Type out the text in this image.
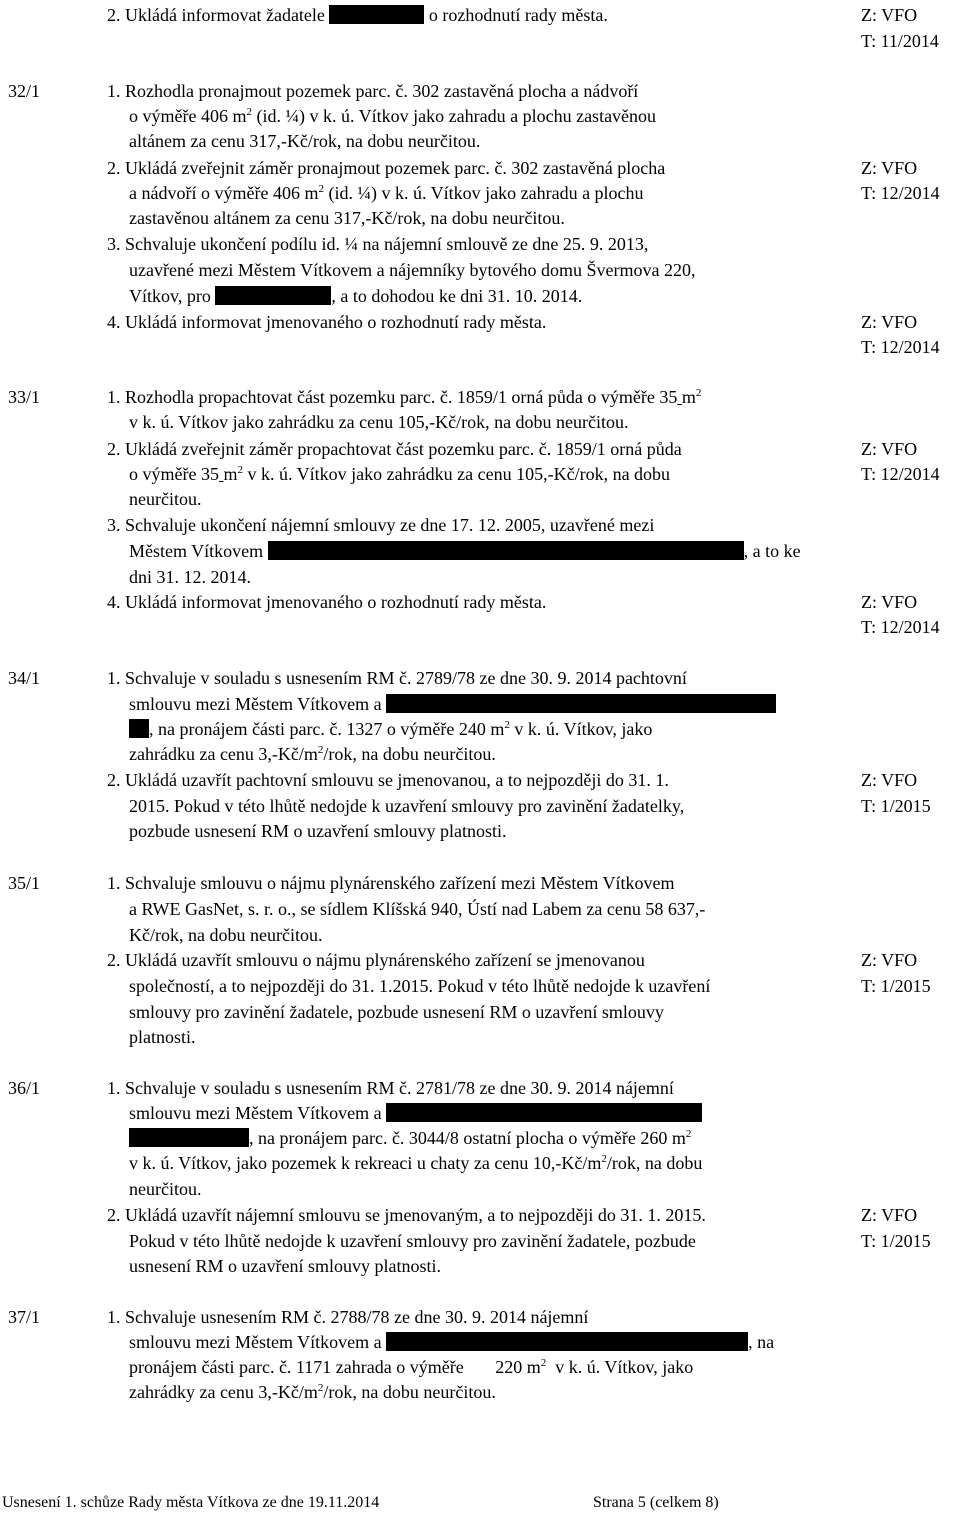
2. Ukládá informovat žadatele	o rozhodnutí rady města.	Z: VFO
T: 11/2014
32/1	1. Rozhodla pronajmout pozemek parc. č. 302 zastavěná plocha a nádvoří
o výměře 406 $m^2$ (id. ¼) v k. ú. Vítkov jako zahradu a plochu zastavěnou
altánem za cenu 317,-Kč/rok, na dobu neurčitou.
2. Ukládá zveřejnit záměr pronajmout pozemek parc. č. 302 zastavěná plocha	Z: VFO
a nádvoří o výměře 406 $m^2$ (id. ¼) v k. ú. Vítkov jako zahradu a plochu	T: 12/2014
zastavěnou altánem za cenu 317,-Kč/rok, na dobu neurčitou.
3. Schvaluje ukončení podílu id. ¼ na nájemní smlouvě ze dne 25. 9. 2013,
uzavřené mezi Městem Vítkovem a nájemníky bytového domu Švermova 220,
Vítkov, pro	, a to dohodou ke dni 31. 10. 2014.
4. Ukládá informovat jmenovaného o rozhodnutí rady města.	Z: VFO
T: 12/2014
33/1	1. Rozhodla propachtovat část pozemku parc. č. 1859/1 orná půda o výměře 35 $m^2$
v k. ú. Vítkov jako zahrádku za cenu 105,-Kč/rok, na dobu neurčitou.
2. Ukládá zveřejnit záměr propachtovat část pozemku parc. č. 1859/1 orná půda	Z: VFO
o výměře 35 $m^2$ v k. ú. Vítkov jako zahrádku za cenu 105,-Kč/rok, na dobu	T: 12/2014
neurčitou.
3. Schvaluje ukončení nájemní smlouvy ze dne 17. 12. 2005, uzavřené mezi
Městem Vítkovem	, a to ke
dni 31. 12. 2014.
4. Ukládá informovat jmenovaného o rozhodnutí rady města.	Z: VFO
T: 12/2014
34/1	1. Schvaluje v souladu s usnesením RM č. 2789/78 ze dne 30. 9. 2014 pachtovní
smlouvu mezi Městem Vítkovem a
, na pronájem části parc. č. 1327 o výměře 240 $m^2$ v k. ú. Vítkov, jako
zahrádku za cenu $3,-Kč/m^2$/rok, na dobu neurčitou.
2. Ukládá uzavřít pachtovní smlouvu se jmenovanou, a to nejpozději do 31. 1.	Z: VFO
2015. Pokud v této lhůtě nedojde k uzavření smlouvy pro zavinění žadatelky,	T: 1/2015
pozbude usnesení RM o uzavření smlouvy platnosti.
35/1	1. Schvaluje smlouvu o nájmu plynárenského zařízení mezi Městem Vítkovem
a RWE GasNet, s. r. o., se sídlem Klíšská 940, Ústí nad Labem za cenu 58 637,-
Kč/rok, na dobu neurčitou.
2. Ukládá uzavřít smlouvu o nájmu plynárenského zařízení se jmenovanou	Z: VFO
společností, a to nejpozději do 31. 1.2015. Pokud v této lhůtě nedojde k uzavření	T: 1/2015
smlouvy pro zavinění žadatele, pozbude usnesení RM o uzavření smlouvy
platnosti.
36/1	1. Schvaluje v souladu s usnesením RM č. 2781/78 ze dne 30. 9. 2014 nájemní
smlouvu mezi Městem Vítkovem a
, na pronájem parc. č. 3044/8 ostatní plocha o výměře 260 $m^2$
v k. ú. Vítkov, jako pozemek k rekreaci u chaty za cenu $10,-Kč/m^2$/rok, na dobu
neurčitou.
2. Ukládá uzavřít nájemní smlouvu se jmenovaným, a to nejpozději do 31. 1. 2015.	Z: VFO
Pokud v této lhůtě nedojde k uzavření smlouvy pro zavinění žadatele, pozbude	T: 1/2015
usnesení RM o uzavření smlouvy platnosti.
37/1	1. Schvaluje usnesením RM č. 2788/78 ze dne 30. 9. 2014 nájemní
smlouvu mezi Městem Vítkovem a	, na
pronájem části parc. č. 1171 zahrada o výměře 220 $m^2$ v k. ú. Vítkov, jako
zahrádky za cenu $3,-Kč/m^2$/rok, na dobu neurčitou.
Usnesení 1. schůze Rady města Vítkova ze dne 19.11.2014	Strana 5 (celkem 8)
